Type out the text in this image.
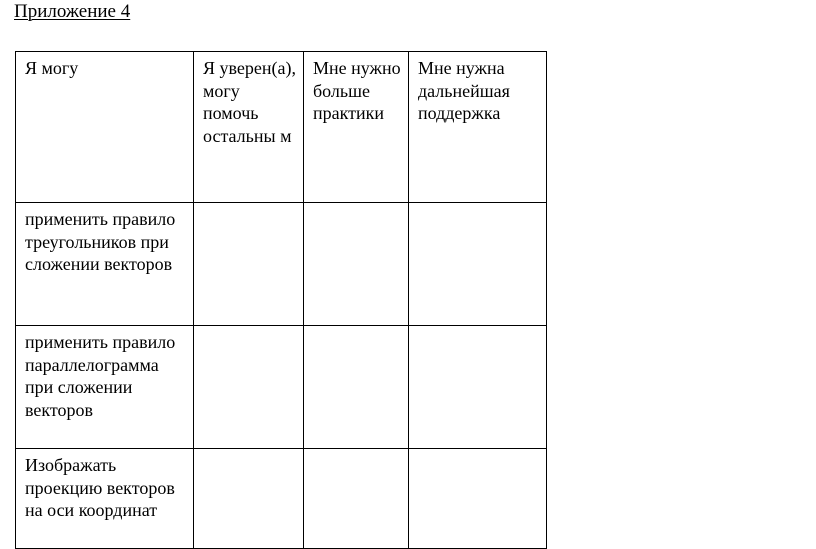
Приложение 4
Я могу	Я уверен(а), могу помочь остальны м	Мне нужно больше практики	Мне нужна дальнейшая поддержка

применить правило треугольников при сложении векторов			

применить правило параллелограмма при сложении векторов			

Изображать проекцию векторов на оси координат			
